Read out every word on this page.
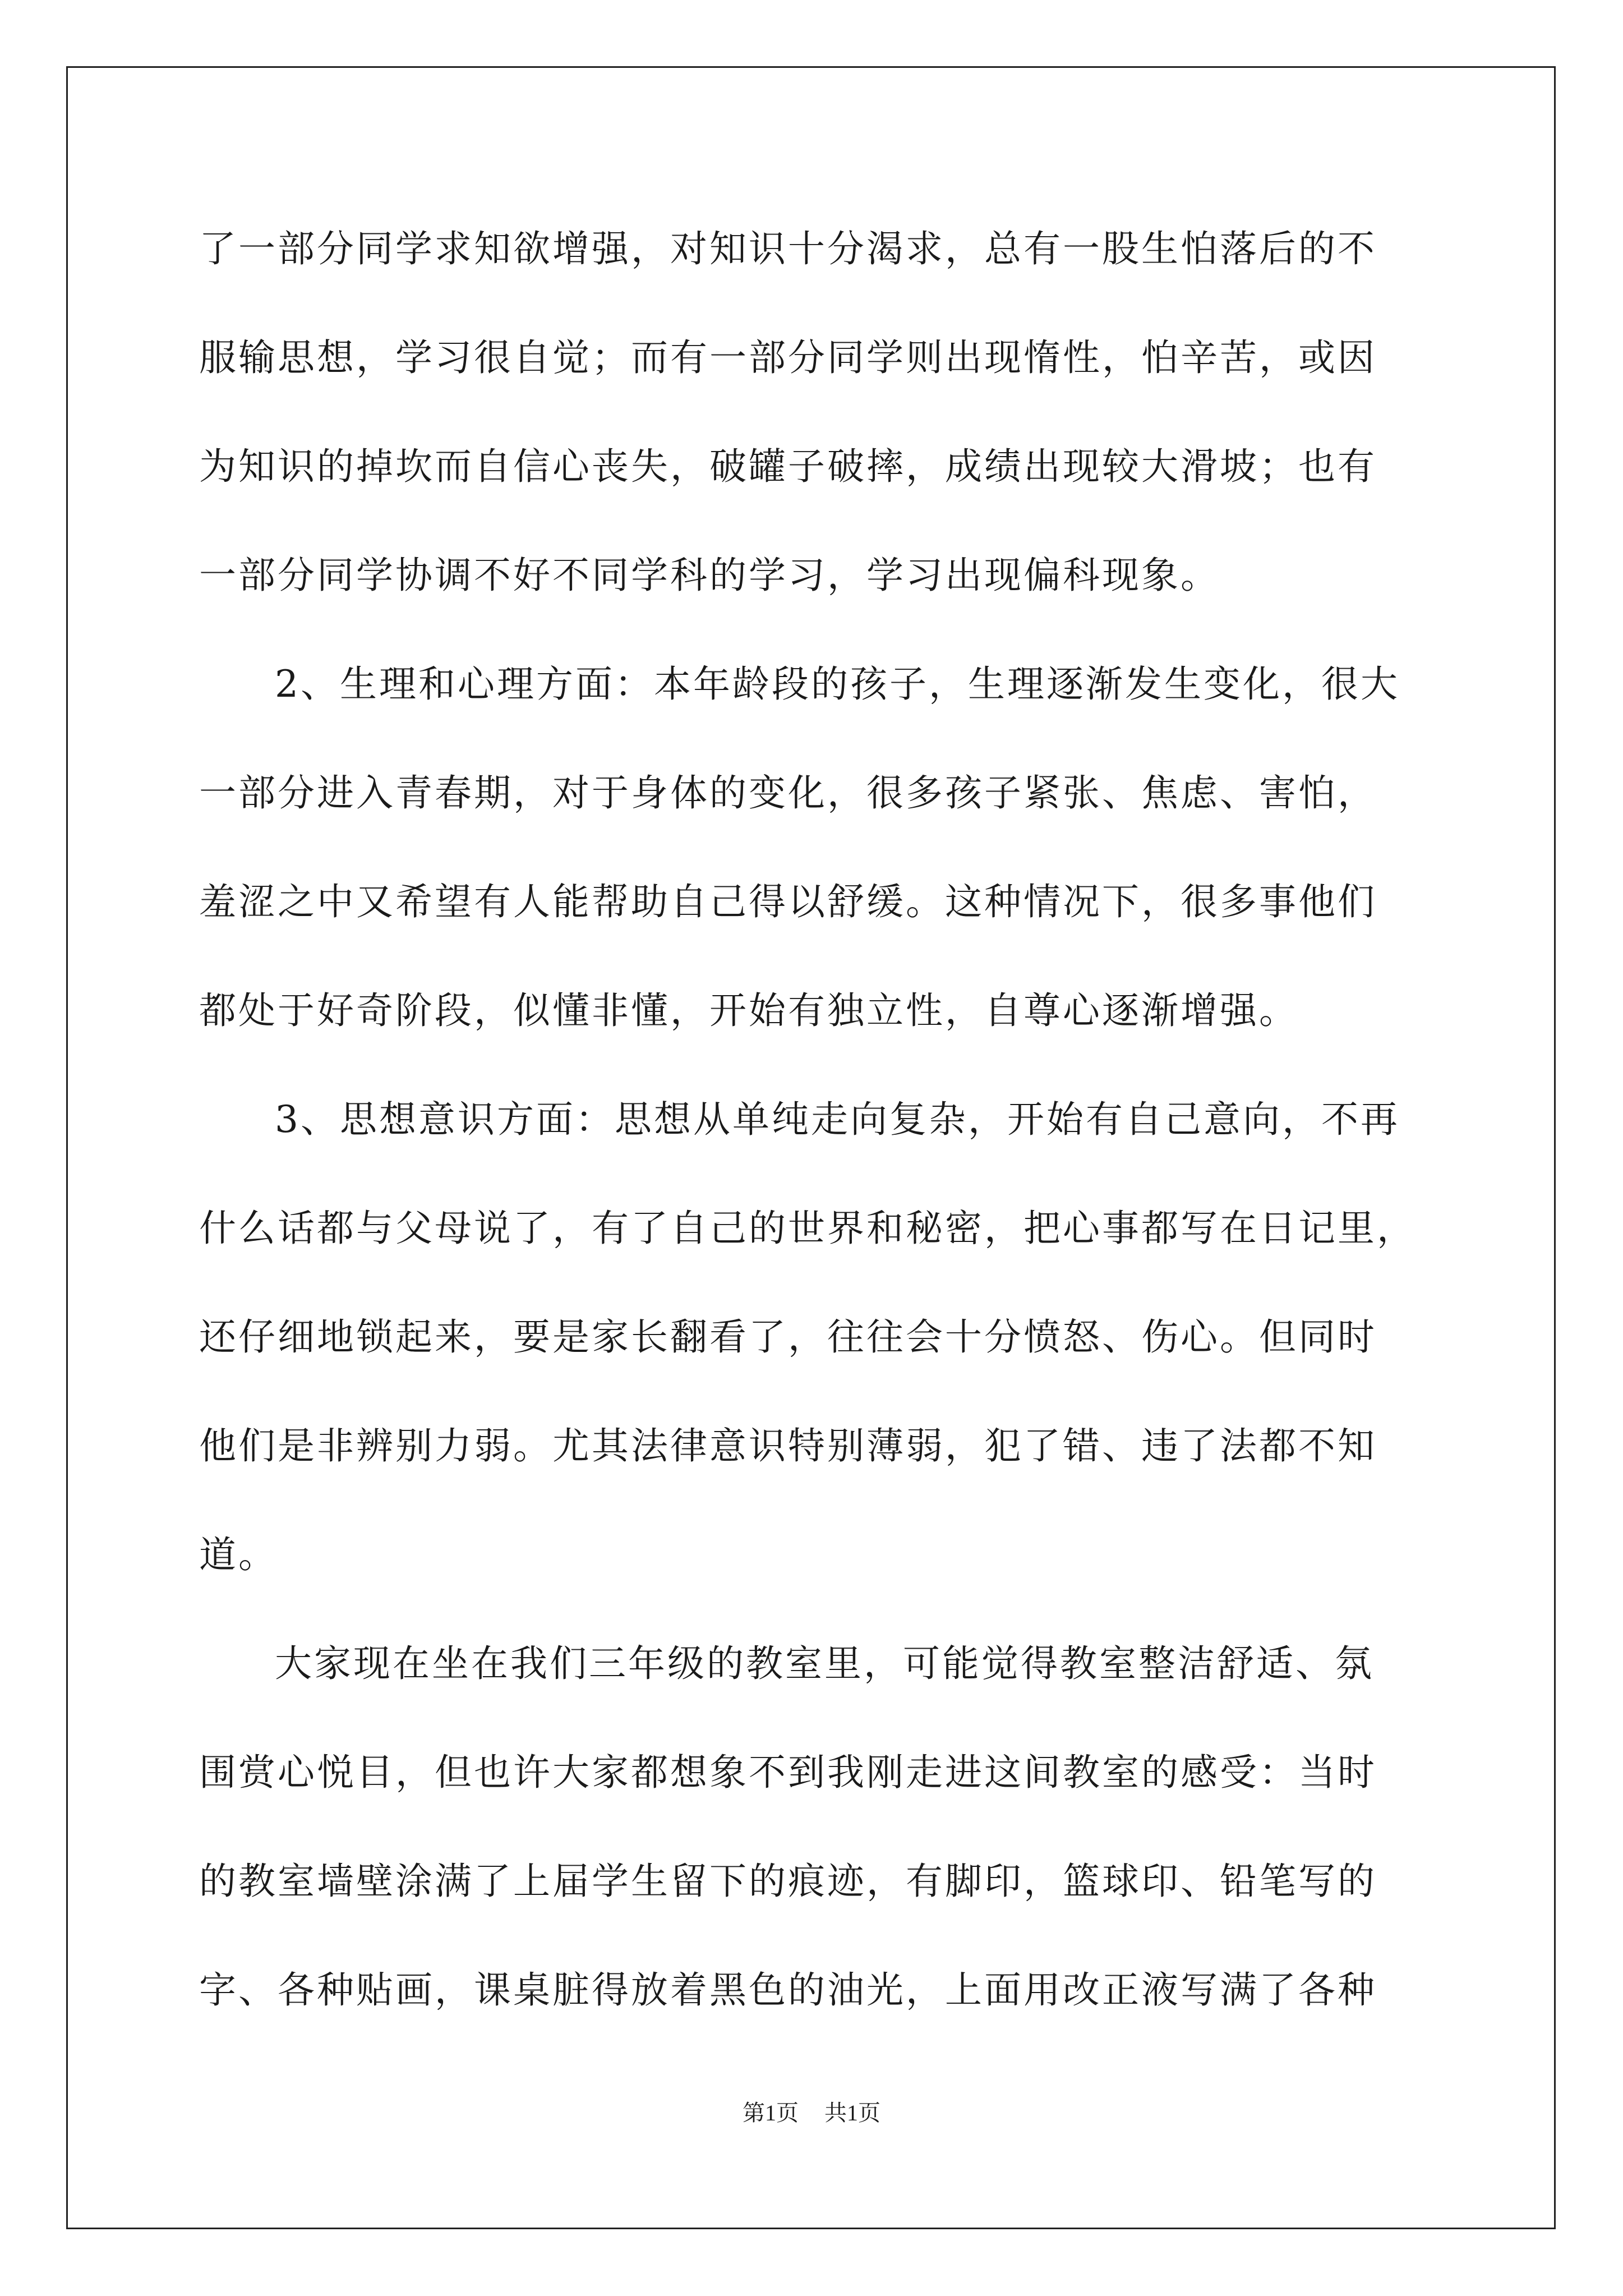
了一部分同学求知欲增强，对知识十分渴求，总有一股生怕落后的不
服输思想，学习很自觉；而有一部分同学则出现惰性，怕辛苦，或因
为知识的掉坎而自信心丧失，破罐子破摔，成绩出现较大滑坡；也有
一部分同学协调不好不同学科的学习，学习出现偏科现象。
2、生理和心理方面：本年龄段的孩子，生理逐渐发生变化，很大
一部分进入青春期，对于身体的变化，很多孩子紧张、焦虑、害怕，
羞涩之中又希望有人能帮助自己得以舒缓。这种情况下，很多事他们
都处于好奇阶段，似懂非懂，开始有独立性，自尊心逐渐增强。
3、思想意识方面：思想从单纯走向复杂，开始有自己意向，不再
什么话都与父母说了，有了自己的世界和秘密，把心事都写在日记里，
还仔细地锁起来，要是家长翻看了，往往会十分愤怒、伤心。但同时
他们是非辨别力弱。尤其法律意识特别薄弱，犯了错、违了法都不知
道。
大家现在坐在我们三年级的教室里，可能觉得教室整洁舒适、氛
围赏心悦目，但也许大家都想象不到我刚走进这间教室的感受：当时
的教室墙壁涂满了上届学生留下的痕迹，有脚印，篮球印、铅笔写的
字、各种贴画，课桌脏得放着黑色的油光，上面用改正液写满了各种
第1页 共1页
